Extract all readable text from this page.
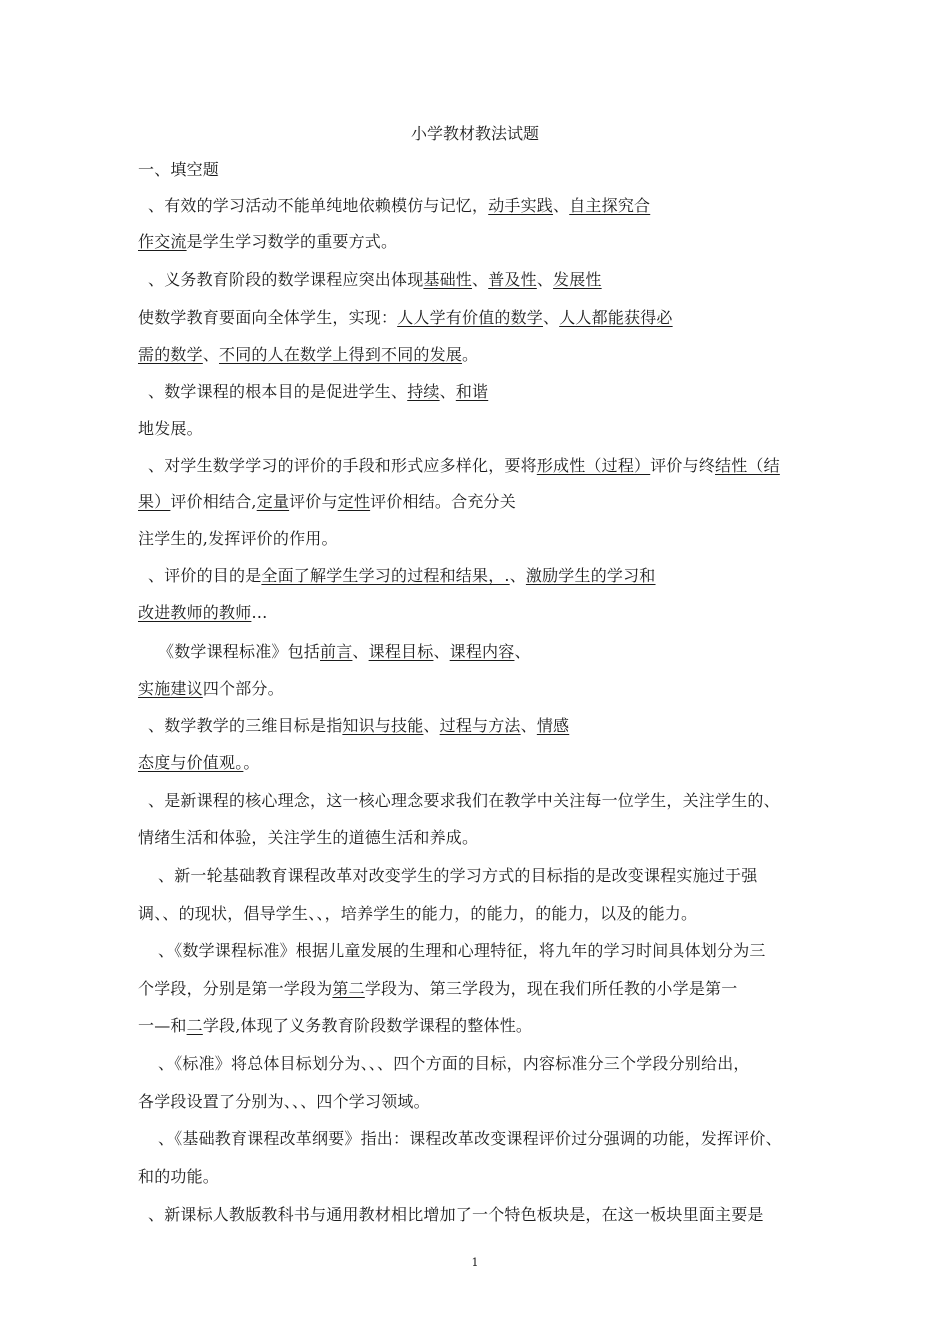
小学教材教法试题
一、填空题
、有效的学习活动不能单纯地依赖模仿与记忆，动手实践、自主探究合
作交流是学生学习数学的重要方式。
、义务教育阶段的数学课程应突出体现基础性、普及性、发展性
使数学教育要面向全体学生，实现：人人学有价值的数学、人人都能获得必
需的数学、不同的人在数学上得到不同的发展。
、数学课程的根本目的是促进学生、持续、和谐
地发展。
、对学生数学学习的评价的手段和形式应多样化，要将形成性（过程）评价与终结性（结
果）评价相结合,定量评价与定性评价相结。合充分关
注学生的,发挥评价的作用。
、评价的目的是全面了解学生学习的过程和结果，.、激励学生的学习和
改进教师的教师…
《数学课程标准》包括前言、课程目标、课程内容、
实施建议四个部分。
、数学教学的三维目标是指知识与技能、过程与方法、情感
态度与价值观。。
、是新课程的核心理念，这一核心理念要求我们在教学中关注每一位学生，关注学生的、
情绪生活和体验，关注学生的道德生活和养成。
、新一轮基础教育课程改革对改变学生的学习方式的目标指的是改变课程实施过于强
调、、的现状，倡导学生、、，培养学生的能力，的能力，的能力，以及的能力。
、《数学课程标准》根据儿童发展的生理和心理特征，将九年的学习时间具体划分为三
个学段，分别是第一学段为第二学段为、第三学段为，现在我们所任教的小学是第一
一—和二学段,体现了义务教育阶段数学课程的整体性。
、《标准》将总体目标划分为、、、四个方面的目标，内容标准分三个学段分别给出，
各学段设置了分别为、、、四个学习领域。
、《基础教育课程改革纲要》指出：课程改革改变课程评价过分强调的功能，发挥评价、
和的功能。
、新课标人教版教科书与通用教材相比增加了一个特色板块是，在这一板块里面主要是
1
